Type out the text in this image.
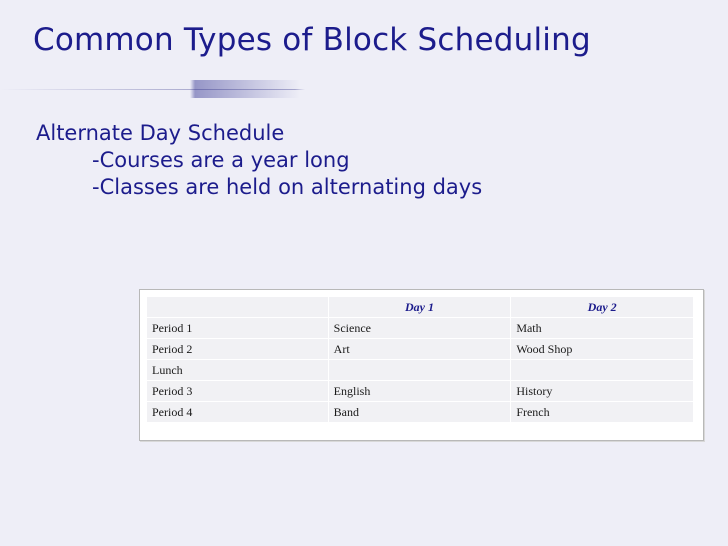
Common Types of Block Scheduling
Alternate Day Schedule
-Courses are a year long
-Classes are held on alternating days
	Day 1	Day 2
Period 1	Science	Math
Period 2	Art	Wood Shop
Lunch		
Period 3	English	History
Period 4	Band	French
